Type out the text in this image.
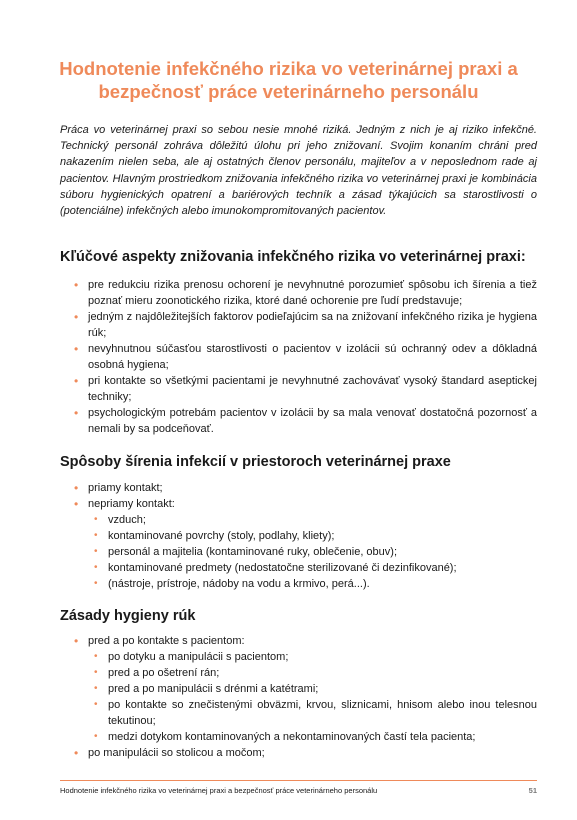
Hodnotenie infekčného rizika vo veterinárnej praxi a bezpečnosť práce veterinárneho personálu

Práca vo veterinárnej praxi so sebou nesie mnohé riziká. Jedným z nich je aj riziko infekčné. Technický personál zohráva dôležitú úlohu pri jeho znižovaní. Svojim konaním chráni pred nakazením nielen seba, ale aj ostatných členov personálu, majiteľov a v neposlednom rade aj pacientov. Hlavným prostriedkom znižovania infekčného rizika vo veterinárnej praxi je kombinácia súboru hygienických opatrení a bariérových techník a zásad týkajúcich sa starostlivosti o (potenciálne) infekčných alebo imunokompromitovaných pacientov.

Kľúčové aspekty znižovania infekčného rizika vo veterinárnej praxi:
• pre redukciu rizika prenosu ochorení je nevyhnutné porozumieť spôsobu ich šírenia a tiež poznať mieru zoonotického rizika, ktoré dané ochorenie pre ľudí predstavuje;
• jedným z najdôležitejších faktorov podieľajúcim sa na znižovaní infekčného rizika je hygiena rúk;
• nevyhnutnou súčasťou starostlivosti o pacientov v izolácii sú ochranný odev a dôkladná osobná hygiena;
• pri kontakte so všetkými pacientami je nevyhnutné zachovávať vysoký štandard aseptickej techniky;
• psychologickým potrebám pacientov v izolácii by sa mala venovať dostatočná pozornosť a nemali by sa podceňovať.
Spôsoby šírenia infekcií v priestoroch veterinárnej praxe
• priamy kontakt;
• nepriamy kontakt:
• vzduch;
• kontaminované povrchy (stoly, podlahy, kliety);
• personál a majitelia (kontaminované ruky, oblečenie, obuv);
• kontaminované predmety (nedostatočne sterilizované či dezinfikované);
• (nástroje, prístroje, nádoby na vodu a krmivo, perá...).
Zásady hygieny rúk
• pred a po kontakte s pacientom:
• po dotyku a manipulácii s pacientom;
• pred a po ošetrení rán;
• pred a po manipulácii s drénmi a katétrami;
• po kontakte so znečistenými obväzmi, krvou, sliznicami, hnisom alebo inou telesnou tekutinou;
• medzi dotykom kontaminovaných a nekontaminovaných častí tela pacienta;
• po manipulácii so stolicou a močom;
Hodnotenie infekčného rizika vo veterinárnej praxi a bezpečnosť práce veterinárneho personálu	51
